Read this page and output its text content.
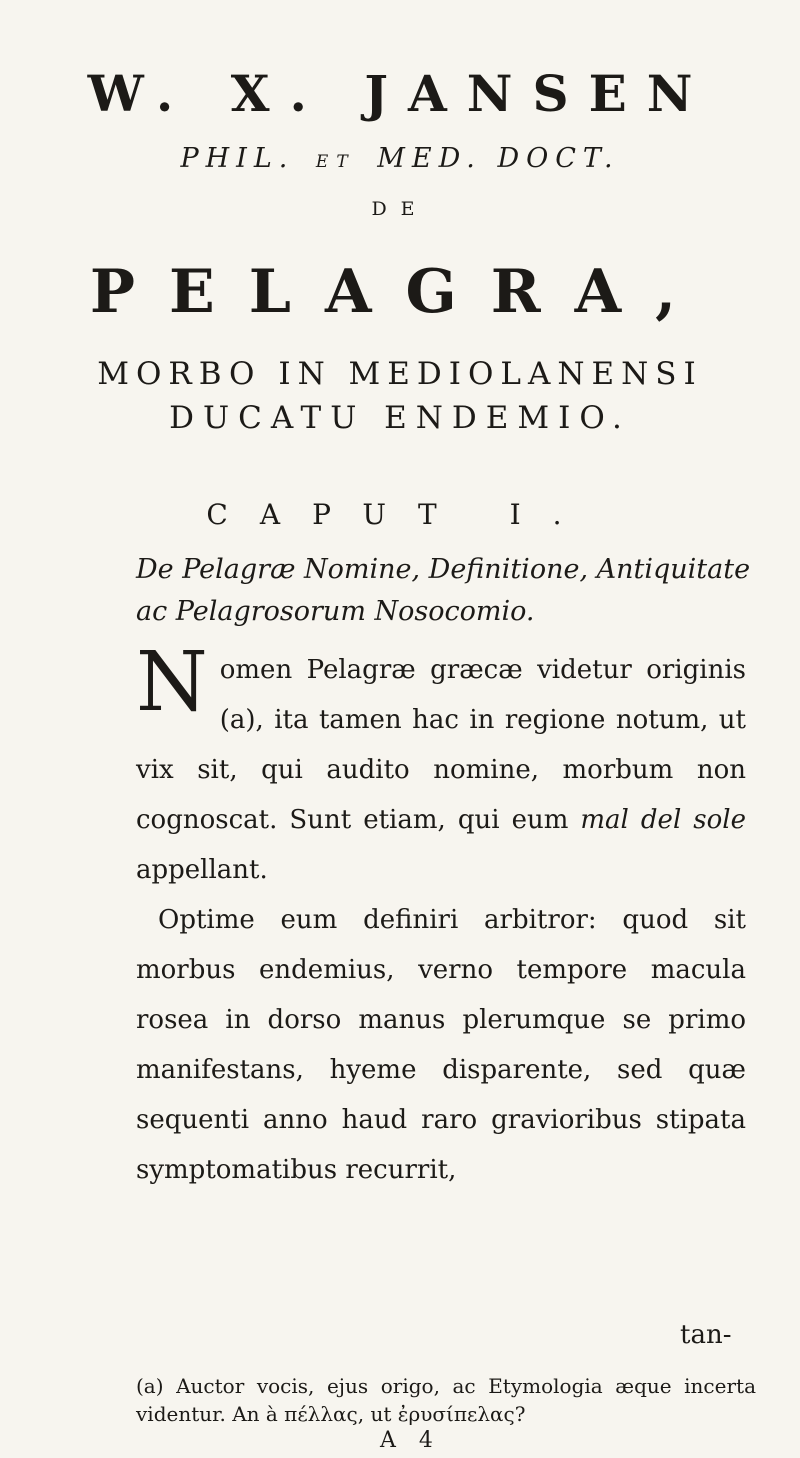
W. X. JANSEN
PHIL. ET MED. DOCT.
DE
PELAGRA,
MORBO IN MEDIOLANENSI
DUCATU ENDEMIO.
CAPUT I.
De Pelagræ Nomine, Definitione, Antiquitate ac Pelagrosorum Nosocomio.

Nomen Pelagræ græcæ videtur originis (a), ita tamen hac in regione notum, ut vix sit, qui audito nomine, morbum non cognoscat. Sunt etiam, qui eum mal del sole appellant.

Optime eum definiri arbitror: quod sit morbus endemius, verno tempore macula rosea in dorso manus plerumque se primo manifestans, hyeme disparente, sed quæ sequenti anno haud raro gravioribus stipata symptomatibus recurrit,

tan-

(a) Auctor vocis, ejus origo, ac Etymologia æque incerta videntur. An à πέλλας, ut ἐρυσίπελας?

A 4
